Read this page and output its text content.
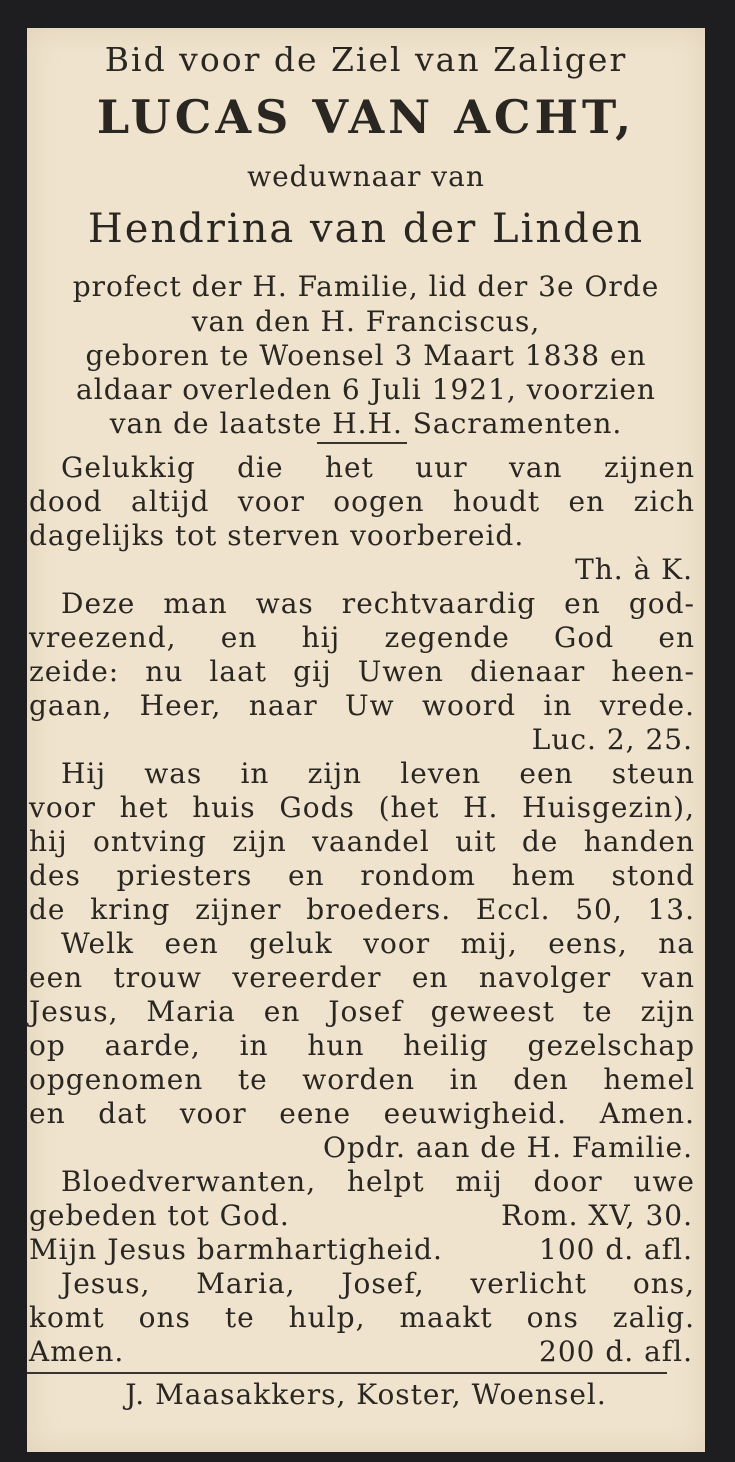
Bid voor de Ziel van Zaliger

LUCAS VAN ACHT,

weduwnaar van

Hendrina van der Linden

profect der H. Familie, lid der 3e Orde

van den H. Franciscus,

geboren te Woensel 3 Maart 1838 en

aldaar overleden 6 Juli 1921, voorzien

van de laatste H.H. Sacramenten.

Gelukkig die het uur van zijnen

dood altijd voor oogen houdt en zich

dagelijks tot sterven voorbereid.

Th. à K.

Deze man was rechtvaardig en god-

vreezend, en hij zegende God en

zeide: nu laat gij Uwen dienaar heen-

gaan, Heer, naar Uw woord in vrede.

Luc. 2, 25.

Hij was in zijn leven een steun

voor het huis Gods (het H. Huisgezin),

hij ontving zijn vaandel uit de handen

des priesters en rondom hem stond

de kring zijner broeders. Eccl. 50, 13.

Welk een geluk voor mij, eens, na

een trouw vereerder en navolger van

Jesus, Maria en Josef geweest te zijn

op aarde, in hun heilig gezelschap

opgenomen te worden in den hemel

en dat voor eene eeuwigheid. Amen.

Opdr. aan de H. Familie.

Bloedverwanten, helpt mij door uwe

gebeden tot God.	Rom. XV, 30.
Mijn Jesus barmhartigheid.	100 d. afl.

Jesus, Maria, Josef, verlicht ons,

komt ons te hulp, maakt ons zalig.

Amen.	200 d. afl.

J. Maasakkers, Koster, Woensel.
